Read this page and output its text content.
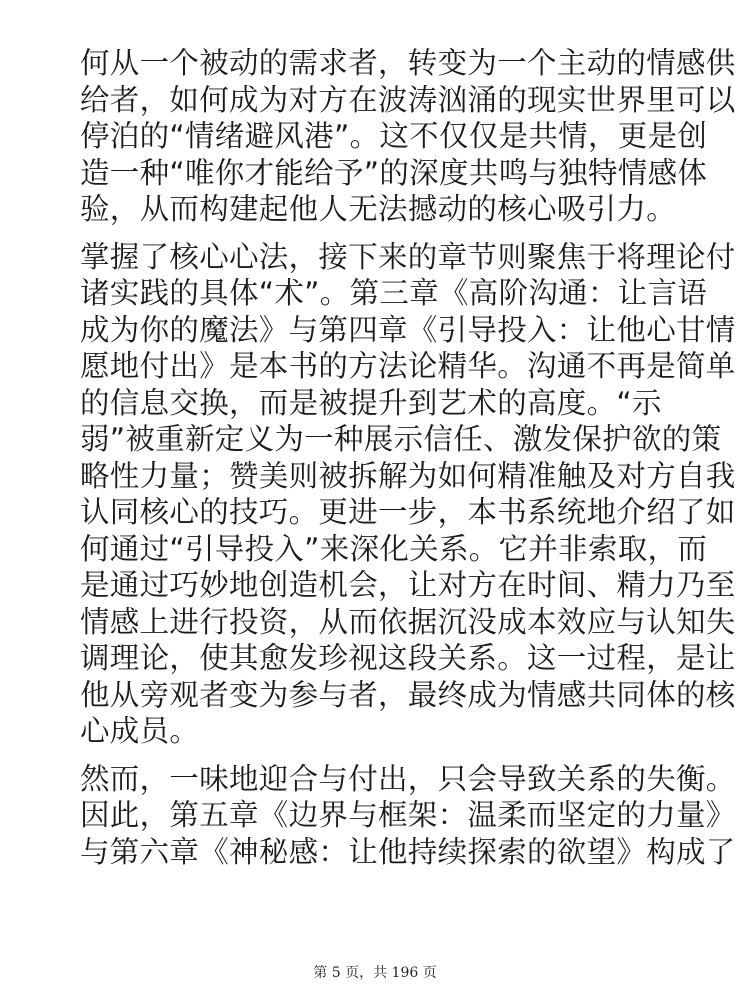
何从一个被动的需求者，转变为一个主动的情感供
给者，如何成为对方在波涛汹涌的现实世界里可以
停泊的“情绪避风港”。这不仅仅是共情，更是创
造一种“唯你才能给予”的深度共鸣与独特情感体
验，从而构建起他人无法撼动的核心吸引力。
掌握了核心心法，接下来的章节则聚焦于将理论付
诸实践的具体“术”。第三章《高阶沟通：让言语
成为你的魔法》与第四章《引导投入：让他心甘情
愿地付出》是本书的方法论精华。沟通不再是简单
的信息交换，而是被提升到艺术的高度。“示
弱”被重新定义为一种展示信任、激发保护欲的策
略性力量；赞美则被拆解为如何精准触及对方自我
认同核心的技巧。更进一步，本书系统地介绍了如
何通过“引导投入”来深化关系。它并非索取，而
是通过巧妙地创造机会，让对方在时间、精力乃至
情感上进行投资，从而依据沉没成本效应与认知失
调理论，使其愈发珍视这段关系。这一过程，是让
他从旁观者变为参与者，最终成为情感共同体的核
心成员。
然而，一味地迎合与付出，只会导致关系的失衡。
因此，第五章《边界与框架：温柔而坚定的力量》
与第六章《神秘感：让他持续探索的欲望》构成了
第 5 页，共 196 页
